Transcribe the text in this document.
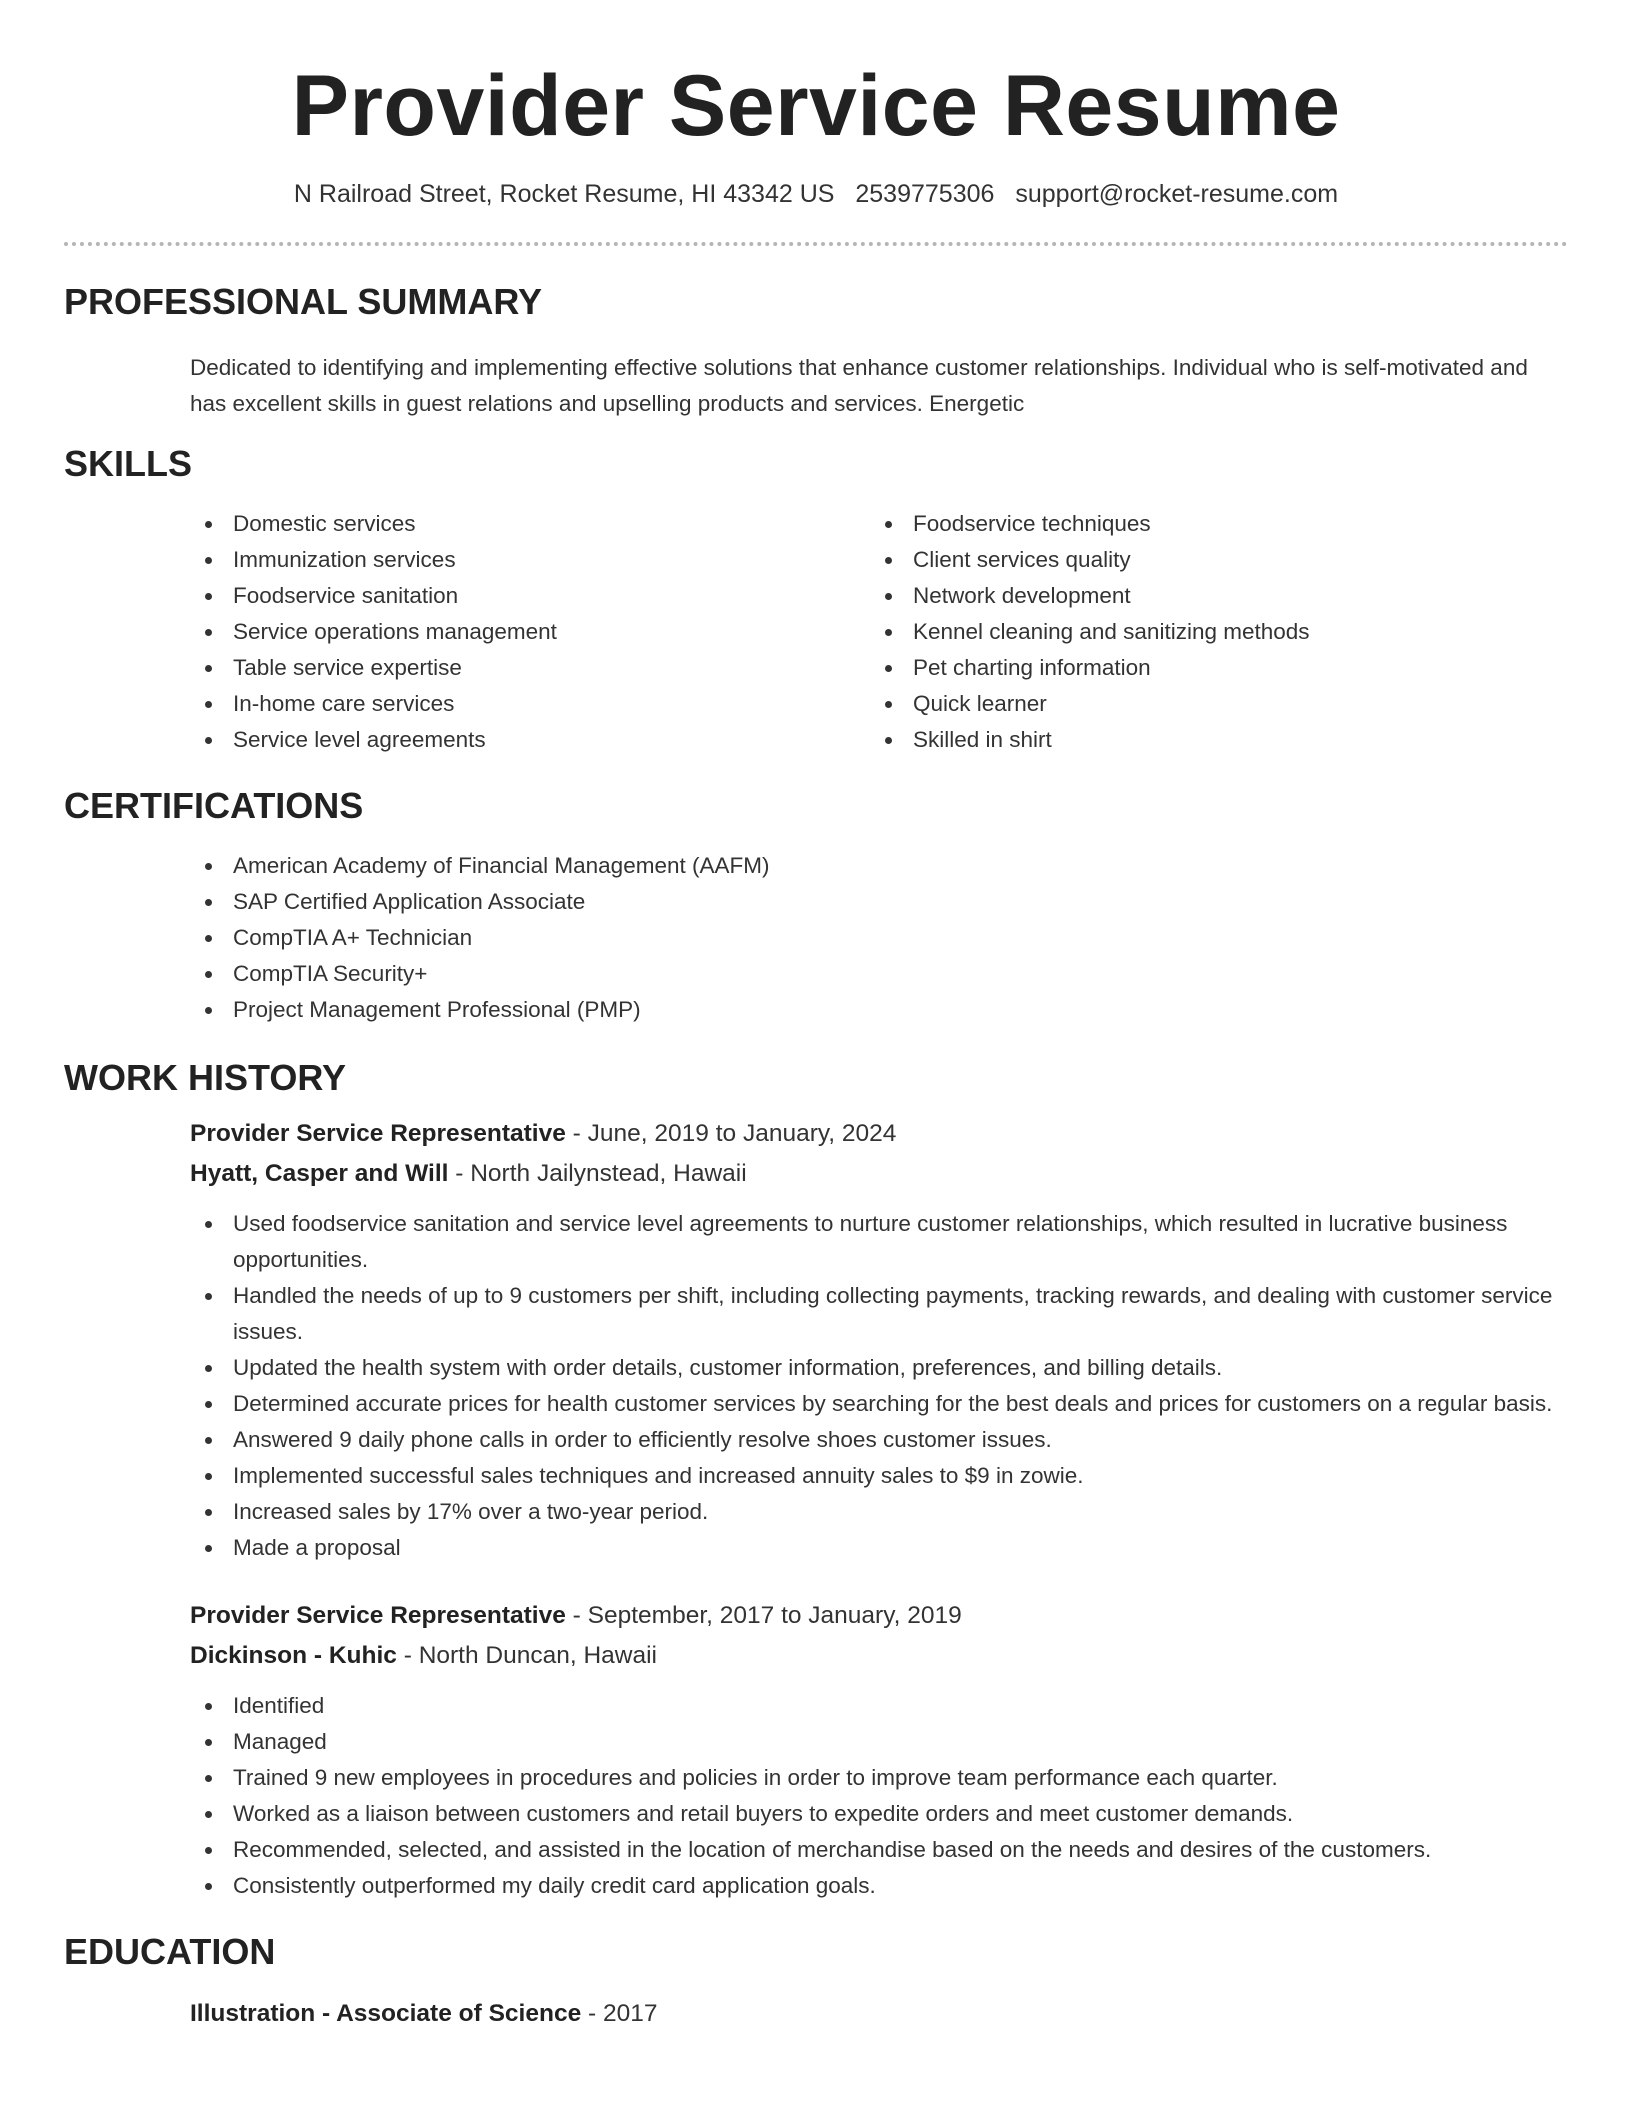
Provider Service Resume
N Railroad Street, Rocket Resume, HI 43342 US 2539775306 support@rocket-resume.com
PROFESSIONAL SUMMARY

Dedicated to identifying and implementing effective solutions that enhance customer relationships. Individual who is self-motivated and has excellent skills in guest relations and upselling products and services. Energetic

SKILLS
Domestic services
Immunization services
Foodservice sanitation
Service operations management
Table service expertise
In-home care services
Service level agreements
Foodservice techniques
Client services quality
Network development
Kennel cleaning and sanitizing methods
Pet charting information
Quick learner
Skilled in shirt
CERTIFICATIONS
American Academy of Financial Management (AAFM)
SAP Certified Application Associate
CompTIA A+ Technician
CompTIA Security+
Project Management Professional (PMP)
WORK HISTORY
Provider Service Representative - June, 2019 to January, 2024
Hyatt, Casper and Will - North Jailynstead, Hawaii
Used foodservice sanitation and service level agreements to nurture customer relationships, which resulted in lucrative business opportunities.
Handled the needs of up to 9 customers per shift, including collecting payments, tracking rewards, and dealing with customer service issues.
Updated the health system with order details, customer information, preferences, and billing details.
Determined accurate prices for health customer services by searching for the best deals and prices for customers on a regular basis.
Answered 9 daily phone calls in order to efficiently resolve shoes customer issues.
Implemented successful sales techniques and increased annuity sales to $9 in zowie.
Increased sales by 17% over a two-year period.
Made a proposal
Provider Service Representative - September, 2017 to January, 2019
Dickinson - Kuhic - North Duncan, Hawaii
Identified
Managed
Trained 9 new employees in procedures and policies in order to improve team performance each quarter.
Worked as a liaison between customers and retail buyers to expedite orders and meet customer demands.
Recommended, selected, and assisted in the location of merchandise based on the needs and desires of the customers.
Consistently outperformed my daily credit card application goals.
EDUCATION
Illustration - Associate of Science - 2017
